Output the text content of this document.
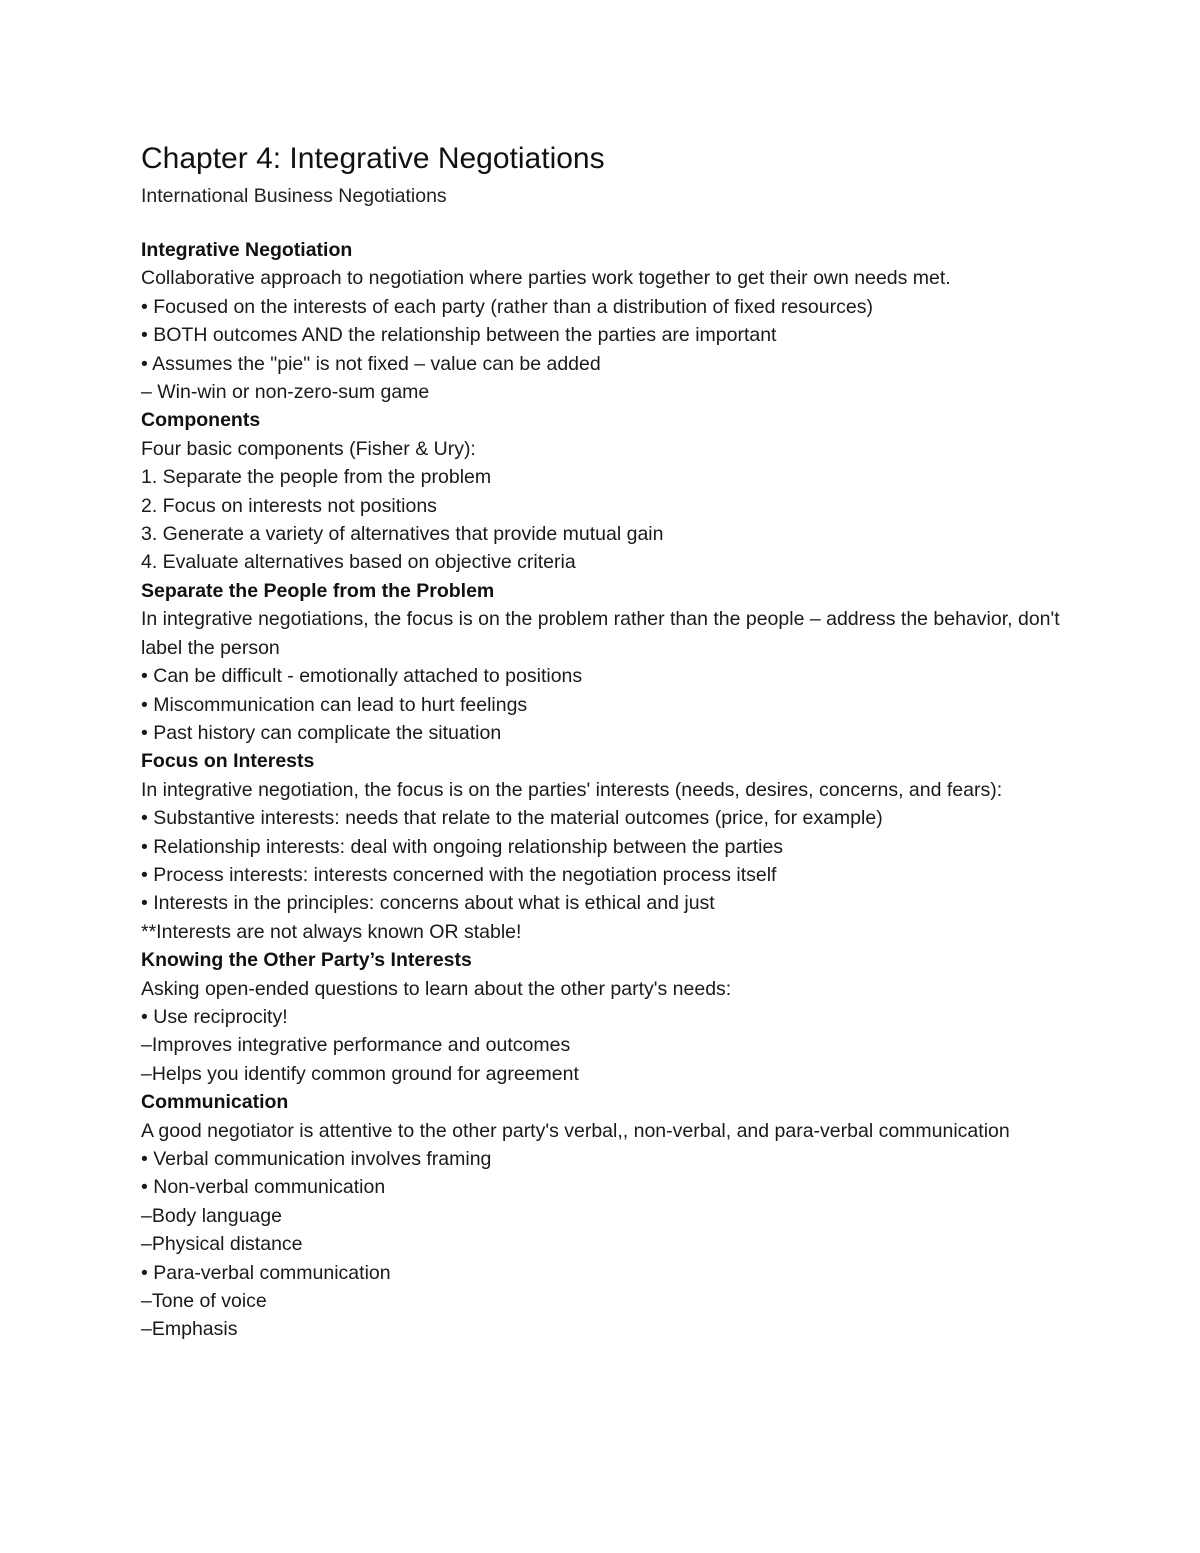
Chapter 4: Integrative Negotiations
International Business Negotiations
Integrative Negotiation
Collaborative approach to negotiation where parties work together to get their own needs met.
• Focused on the interests of each party (rather than a distribution of fixed resources)
• BOTH outcomes AND the relationship between the parties are important
• Assumes the "pie" is not fixed – value can be added
– Win-win or non-zero-sum game
Components
Four basic components (Fisher & Ury):
1. Separate the people from the problem
2. Focus on interests not positions
3. Generate a variety of alternatives that provide mutual gain
4. Evaluate alternatives based on objective criteria
Separate the People from the Problem
In integrative negotiations, the focus is on the problem rather than the people – address the behavior, don't label the person
• Can be difficult - emotionally attached to positions
• Miscommunication can lead to hurt feelings
• Past history can complicate the situation
Focus on Interests
In integrative negotiation, the focus is on the parties' interests (needs, desires, concerns, and fears):
• Substantive interests: needs that relate to the material outcomes (price, for example)
• Relationship interests: deal with ongoing relationship between the parties
• Process interests: interests concerned with the negotiation process itself
• Interests in the principles: concerns about what is ethical and just
**Interests are not always known OR stable!
Knowing the Other Party’s Interests
Asking open-ended questions to learn about the other party's needs:
• Use reciprocity!
–Improves integrative performance and outcomes
–Helps you identify common ground for agreement
Communication
A good negotiator is attentive to the other party's verbal,, non-verbal, and para-verbal communication
• Verbal communication involves framing
• Non-verbal communication
–Body language
–Physical distance
• Para-verbal communication
–Tone of voice
–Emphasis
